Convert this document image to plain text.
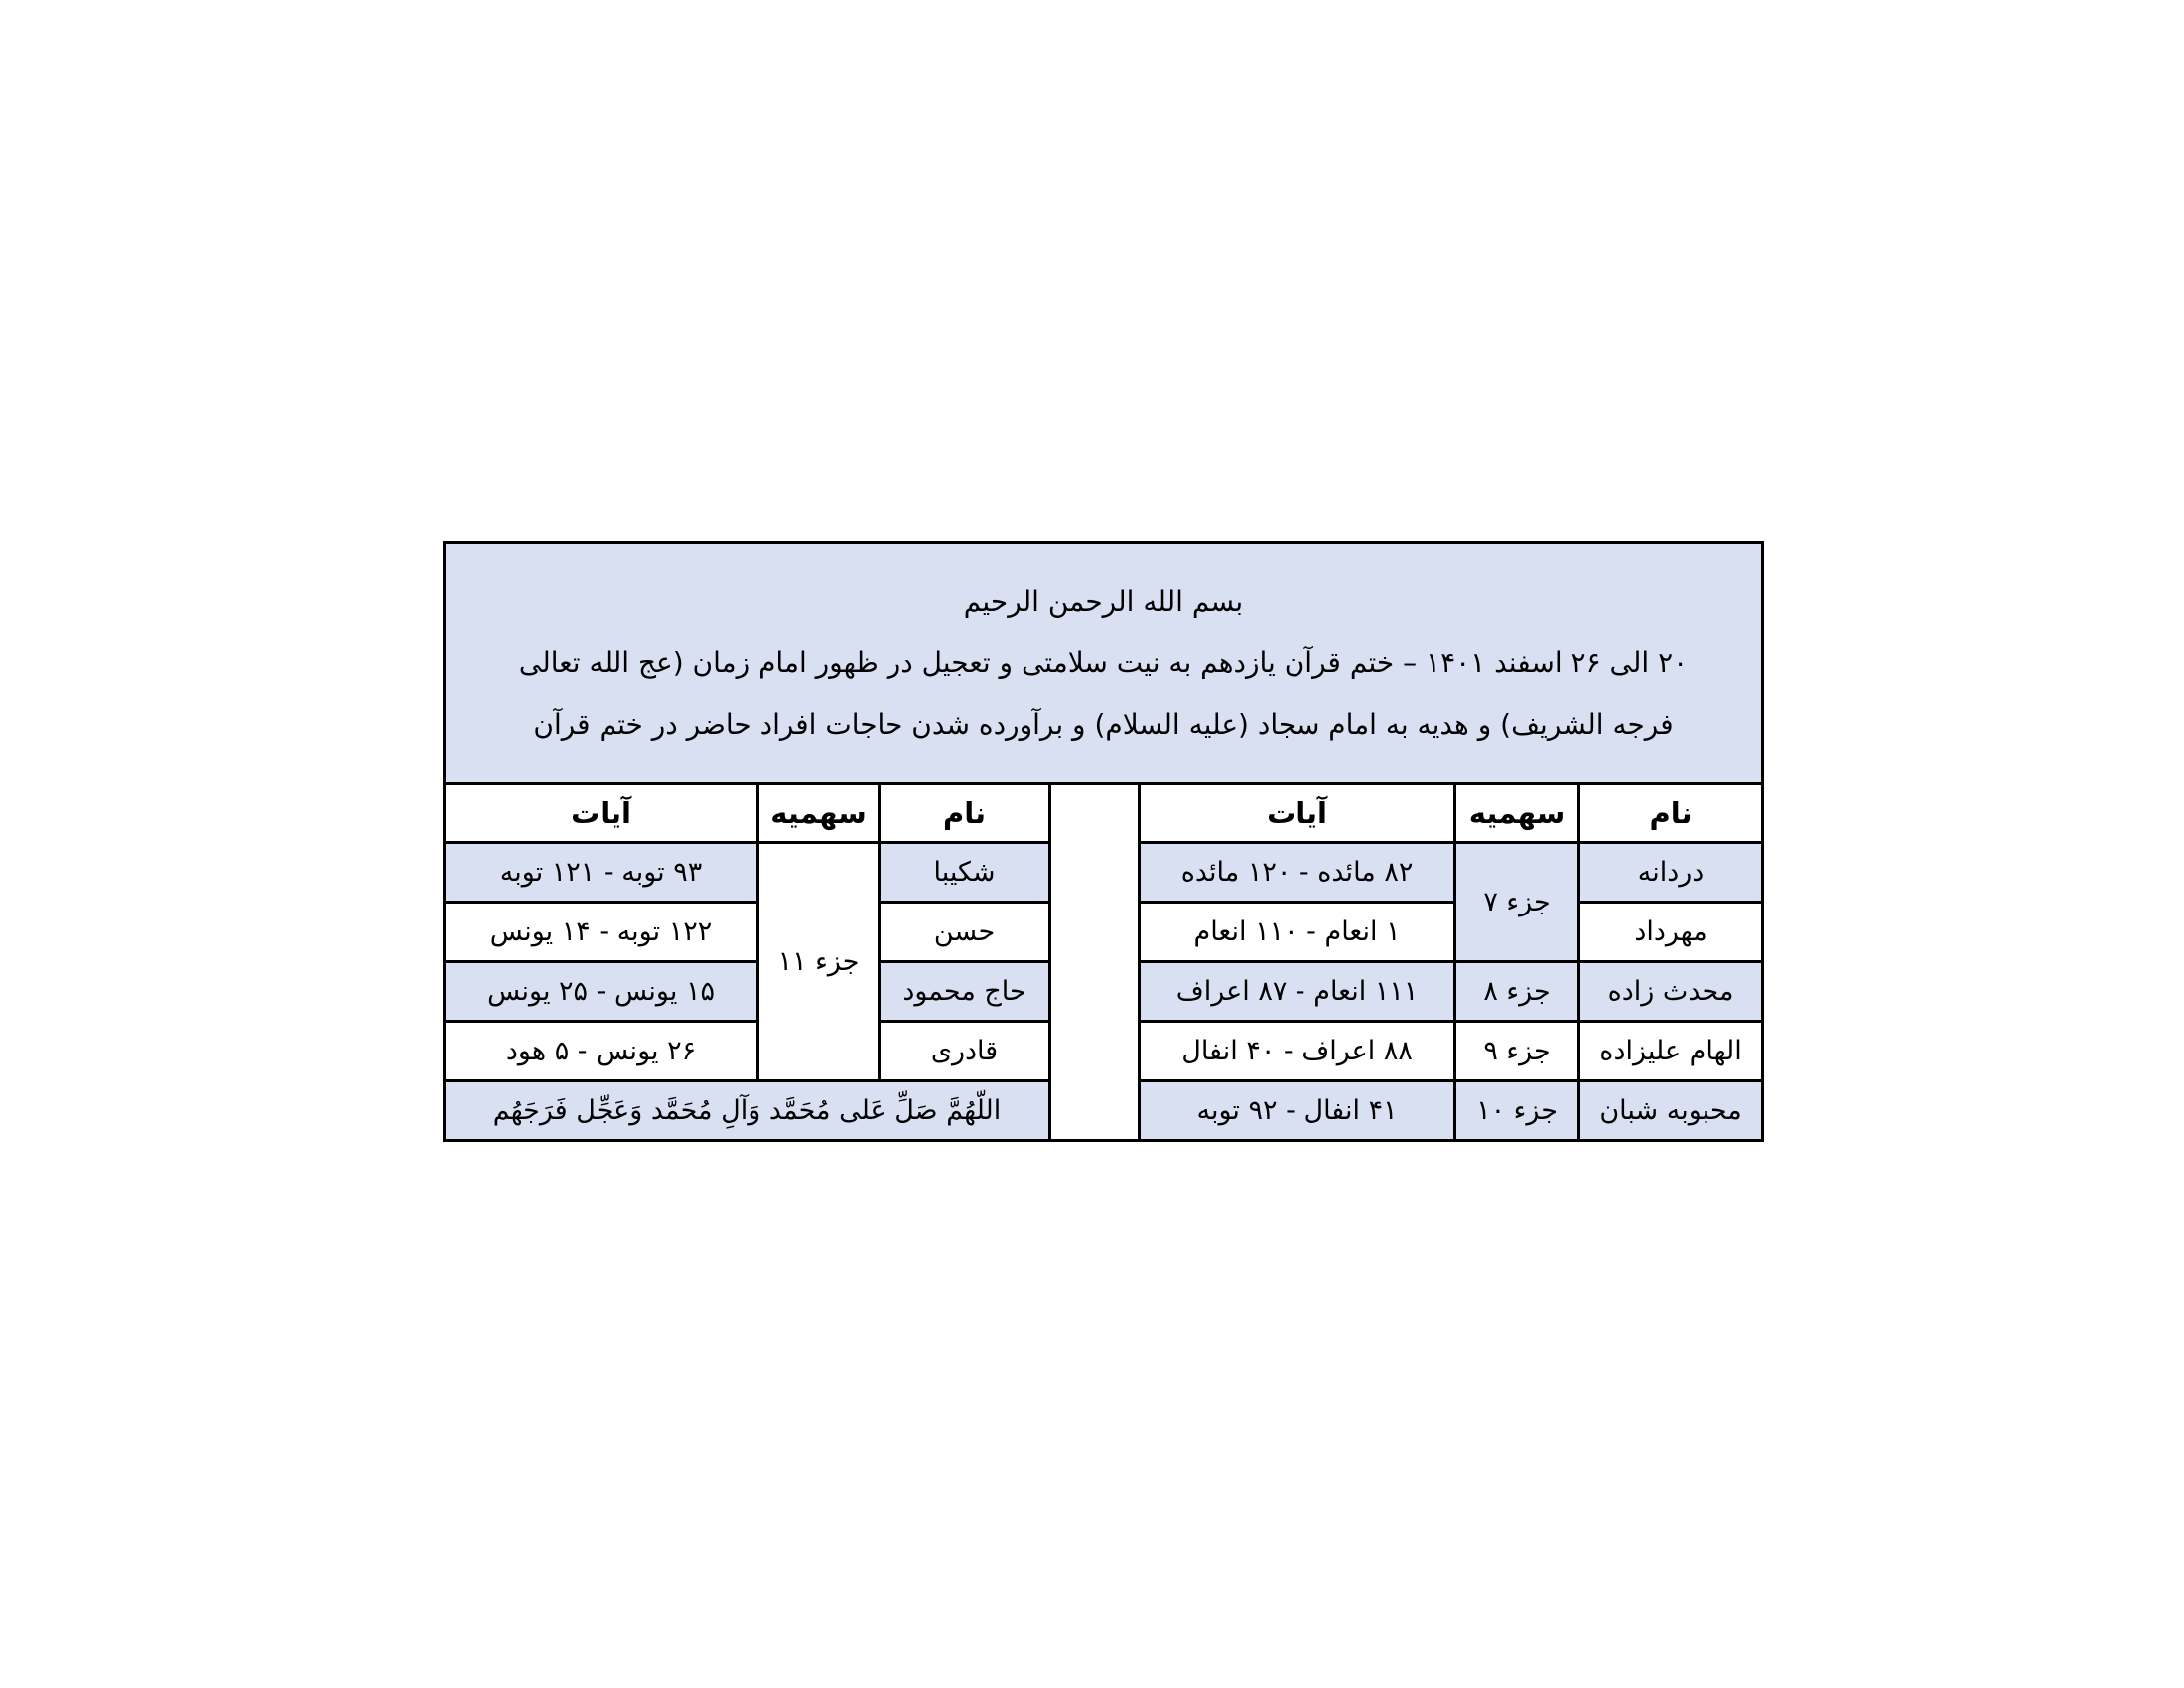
بسم الله الرحمن الرحیم
۲۰ الی ۲۶ اسفند ۱۴۰۱ – ختم قرآن یازدهم به نیت سلامتی و تعجیل در ظهور امام زمان (عج الله تعالی
فرجه الشریف) و هدیه به امام سجاد (علیه السلام) و برآورده شدن حاجات افراد حاضر در ختم قرآن						

نام	سهمیه	آیات		نام	سهمیه	آیات
دردانه	جزء ۷	۸۲ مائده - ۱۲۰ مائده		شکیبا	جزء ۱۱	۹۳ توبه - ۱۲۱ توبه
مهرداد		۱ انعام - ۱۱۰ انعام		حسن		۱۲۲ توبه - ۱۴ یونس
محدث زاده	جزء ۸	۱۱۱ انعام - ۸۷ اعراف		حاج محمود		۱۵ یونس - ۲۵ یونس
الهام علیزاده	جزء ۹	۸۸ اعراف - ۴۰ انفال		قادری		۲۶ یونس - ۵ هود
محبوبه شبان	جزء ۱۰	۴۱ انفال - ۹۲ توبه		اللّهُمَّ صَلِّ عَلی مُحَمَّد وَآلِ مُحَمَّد وَعَجِّل فَرَجَهُم		
